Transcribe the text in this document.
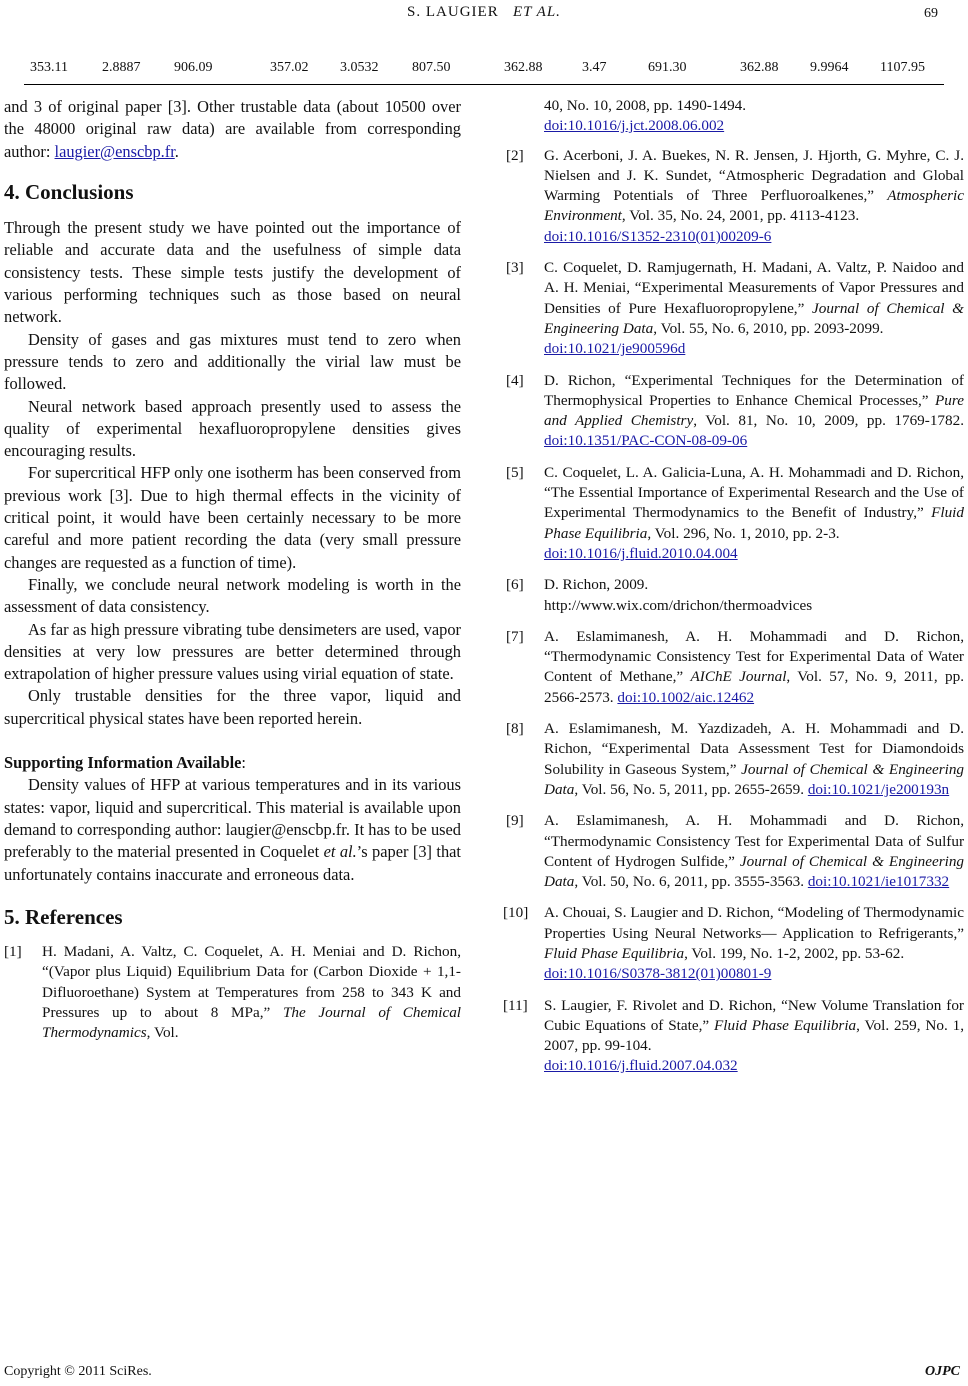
S. LAUGIER ET AL.	69
353.11 2.8887 906.09	357.02 3.0532 807.50	362.88	3.47	691.30	362.88 9.9964 1107.95

and 3 of original paper [3]. Other trustable data (about 10500 over the 48000 original raw data) are available from corresponding author: laugier@enscbp.fr.

4. Conclusions

Through the present study we have pointed out the importance of reliable and accurate data and the usefulness of simple data consistency tests. These simple tests justify the development of various performing techniques such as those based on neural network.

Density of gases and gas mixtures must tend to zero when pressure tends to zero and additionally the virial law must be followed.

Neural network based approach presently used to assess the quality of experimental hexafluoropropylene densities gives encouraging results.

For supercritical HFP only one isotherm has been conserved from previous work [3]. Due to high thermal effects in the vicinity of critical point, it would have been certainly necessary to be more careful and more patient recording the data (very small pressure changes are requested as a function of time).

Finally, we conclude neural network modeling is worth in the assessment of data consistency.

As far as high pressure vibrating tube densimeters are used, vapor densities at very low pressures are better determined through extrapolation of higher pressure values using virial equation of state.

Only trustable densities for the three vapor, liquid and supercritical physical states have been reported herein.

Supporting Information Available:

Density values of HFP at various temperatures and in its various states: vapor, liquid and supercritical. This material is available upon demand to corresponding author: laugier@enscbp.fr. It has to be used preferably to the material presented in Coquelet et al.’s paper [3] that unfortunately contains inaccurate and erroneous data.

5. References
[1] H. Madani, A. Valtz, C. Coquelet, A. H. Meniai and D. Richon, “(Vapor plus Liquid) Equilibrium Data for (Carbon Dioxide + 1,1-Difluoroethane) System at Temperatures from 258 to 343 K and Pressures up to about 8 MPa,” The Journal of Chemical Thermodynamics, Vol.
40, No. 10, 2008, pp. 1490-1494.
doi:10.1016/j.jct.2008.06.002
[2] G. Acerboni, J. A. Buekes, N. R. Jensen, J. Hjorth, G. Myhre, C. J. Nielsen and J. K. Sundet, “Atmospheric Degradation and Global Warming Potentials of Three Perfluoroalkenes,” Atmospheric Environment, Vol. 35, No. 24, 2001, pp. 4113-4123.
doi:10.1016/S1352-2310(01)00209-6
[3] C. Coquelet, D. Ramjugernath, H. Madani, A. Valtz, P. Naidoo and A. H. Meniai, “Experimental Measurements of Vapor Pressures and Densities of Pure Hexafluoropropylene,” Journal of Chemical & Engineering Data, Vol. 55, No. 6, 2010, pp. 2093-2099.
doi:10.1021/je900596d
[4] D. Richon, “Experimental Techniques for the Determination of Thermophysical Properties to Enhance Chemical Processes,” Pure and Applied Chemistry, Vol. 81, No. 10, 2009, pp. 1769-1782. doi:10.1351/PAC-CON-08-09-06
[5] C. Coquelet, L. A. Galicia-Luna, A. H. Mohammadi and D. Richon, “The Essential Importance of Experimental Research and the Use of Experimental Thermodynamics to the Benefit of Industry,” Fluid Phase Equilibria, Vol. 296, No. 1, 2010, pp. 2-3.
doi:10.1016/j.fluid.2010.04.004
[6] D. Richon, 2009.
http://www.wix.com/drichon/thermoadvices
[7] A. Eslamimanesh, A. H. Mohammadi and D. Richon, “Thermodynamic Consistency Test for Experimental Data of Water Content of Methane,” AIChE Journal, Vol. 57, No. 9, 2011, pp. 2566-2573. doi:10.1002/aic.12462
[8] A. Eslamimanesh, M. Yazdizadeh, A. H. Mohammadi and D. Richon, “Experimental Data Assessment Test for Diamondoids Solubility in Gaseous System,” Journal of Chemical & Engineering Data, Vol. 56, No. 5, 2011, pp. 2655-2659. doi:10.1021/je200193n
[9] A. Eslamimanesh, A. H. Mohammadi and D. Richon, “Thermodynamic Consistency Test for Experimental Data of Sulfur Content of Hydrogen Sulfide,” Journal of Chemical & Engineering Data, Vol. 50, No. 6, 2011, pp. 3555-3563. doi:10.1021/ie1017332
[10] A. Chouai, S. Laugier and D. Richon, “Modeling of Thermodynamic Properties Using Neural Networks― Application to Refrigerants,” Fluid Phase Equilibria, Vol. 199, No. 1-2, 2002, pp. 53-62.
doi:10.1016/S0378-3812(01)00801-9
[11] S. Laugier, F. Rivolet and D. Richon, “New Volume Translation for Cubic Equations of State,” Fluid Phase Equilibria, Vol. 259, No. 1, 2007, pp. 99-104.
doi:10.1016/j.fluid.2007.04.032
Copyright © 2011 SciRes.	OJPC
